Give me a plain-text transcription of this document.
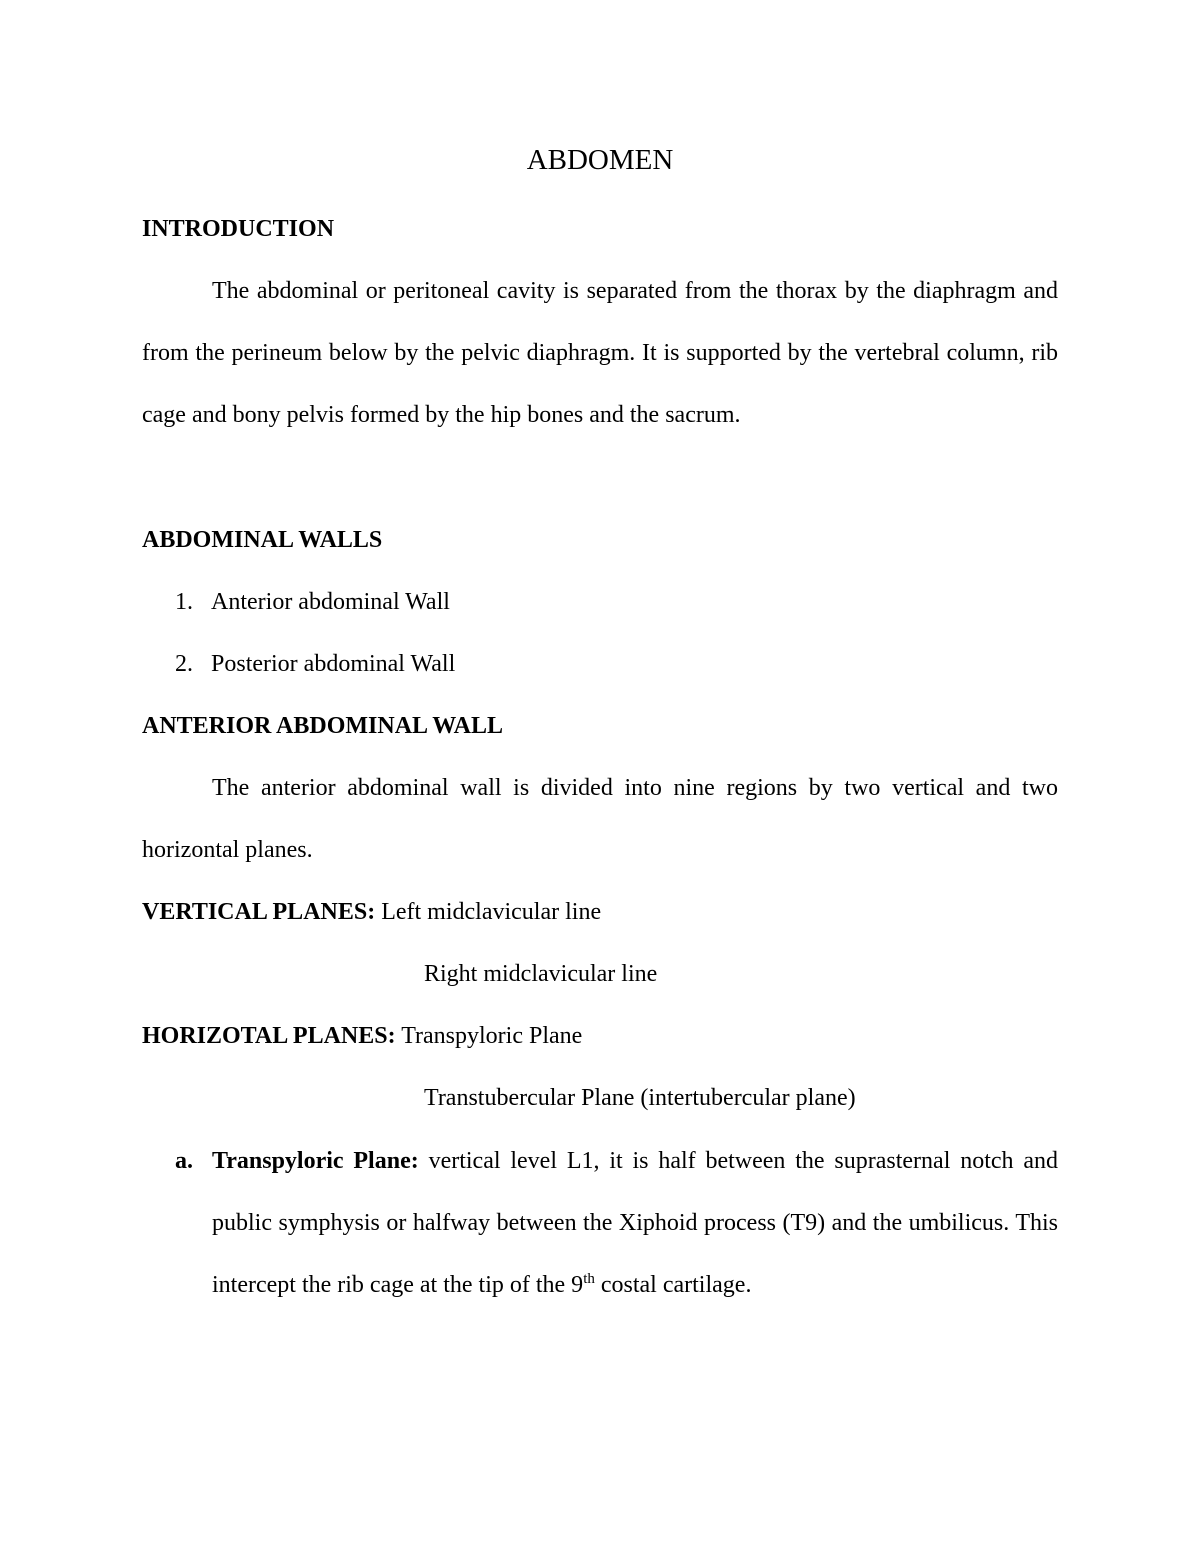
ABDOMEN
INTRODUCTION
The abdominal or peritoneal cavity is separated from the thorax by the diaphragm and from the perineum below by the pelvic diaphragm. It is supported by the vertebral column, rib cage and bony pelvis formed by the hip bones and the sacrum.
ABDOMINAL WALLS
1. Anterior abdominal Wall
2. Posterior abdominal Wall
ANTERIOR ABDOMINAL WALL
The anterior abdominal wall is divided into nine regions by two vertical and two horizontal planes.
VERTICAL PLANES: Left midclavicular line
Right midclavicular line
HORIZOTAL PLANES: Transpyloric Plane
Transtubercular Plane (intertubercular plane)
a. Transpyloric Plane: vertical level L1, it is half between the suprasternal notch and public symphysis or halfway between the Xiphoid process (T9) and the umbilicus. This intercept the rib cage at the tip of the 9th costal cartilage.
